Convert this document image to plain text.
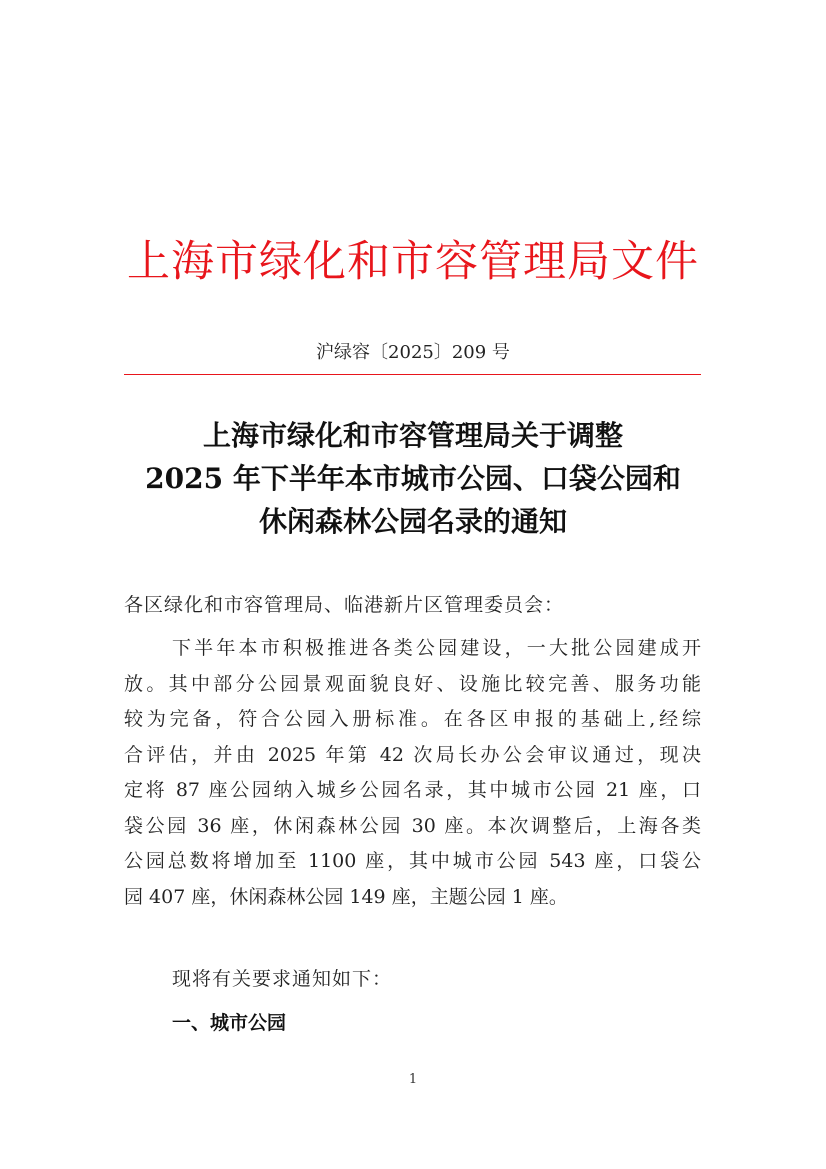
上海市绿化和市容管理局文件
沪绿容〔2025〕209 号
上海市绿化和市容管理局关于调整
2025 年下半年本市城市公园、口袋公园和
休闲森林公园名录的通知
各区绿化和市容管理局、临港新片区管理委员会：
下半年本市积极推进各类公园建设，一大批公园建成开
放。其中部分公园景观面貌良好、设施比较完善、服务功能
较为完备，符合公园入册标准。在各区申报的基础上,经综
合评估，并由 2025 年第 42 次局长办公会审议通过，现决
定将 87 座公园纳入城乡公园名录，其中城市公园 21 座，口
袋公园 36 座，休闲森林公园 30 座。本次调整后，上海各类
公园总数将增加至 1100 座，其中城市公园 543 座，口袋公
园 407 座，休闲森林公园 149 座，主题公园 1 座。
现将有关要求通知如下：
一、城市公园
1
